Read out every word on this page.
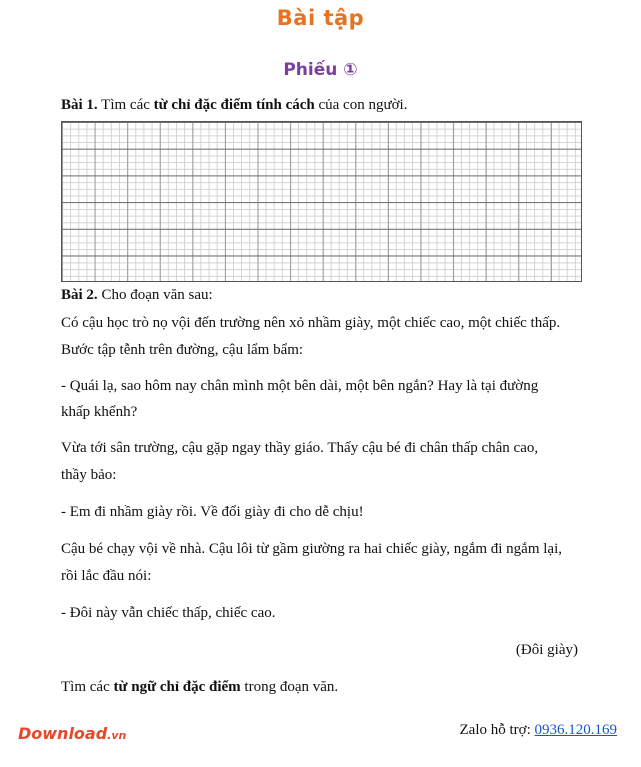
Bài tập
Phiếu ①
Bài 1. Tìm các từ chỉ đặc điểm tính cách của con người.
Bài 2. Cho đoạn văn sau:
Có cậu học trò nọ vội đến trường nên xỏ nhầm giày, một chiếc cao, một chiếc thấp.
Bước tập tễnh trên đường, cậu lẩm bẩm:
- Quái lạ, sao hôm nay chân mình một bên dài, một bên ngắn? Hay là tại đường
khấp khểnh?
Vừa tới sân trường, cậu gặp ngay thầy giáo. Thấy cậu bé đi chân thấp chân cao,
thầy bảo:
- Em đi nhầm giày rồi. Về đổi giày đi cho dễ chịu!
Cậu bé chạy vội về nhà. Cậu lôi từ gầm giường ra hai chiếc giày, ngắm đi ngắm lại,
rồi lắc đầu nói:
- Đôi này vẫn chiếc thấp, chiếc cao.
(Đôi giày)
Tìm các từ ngữ chỉ đặc điểm trong đoạn văn.
Download.vn	Zalo hỗ trợ: 0936.120.169
